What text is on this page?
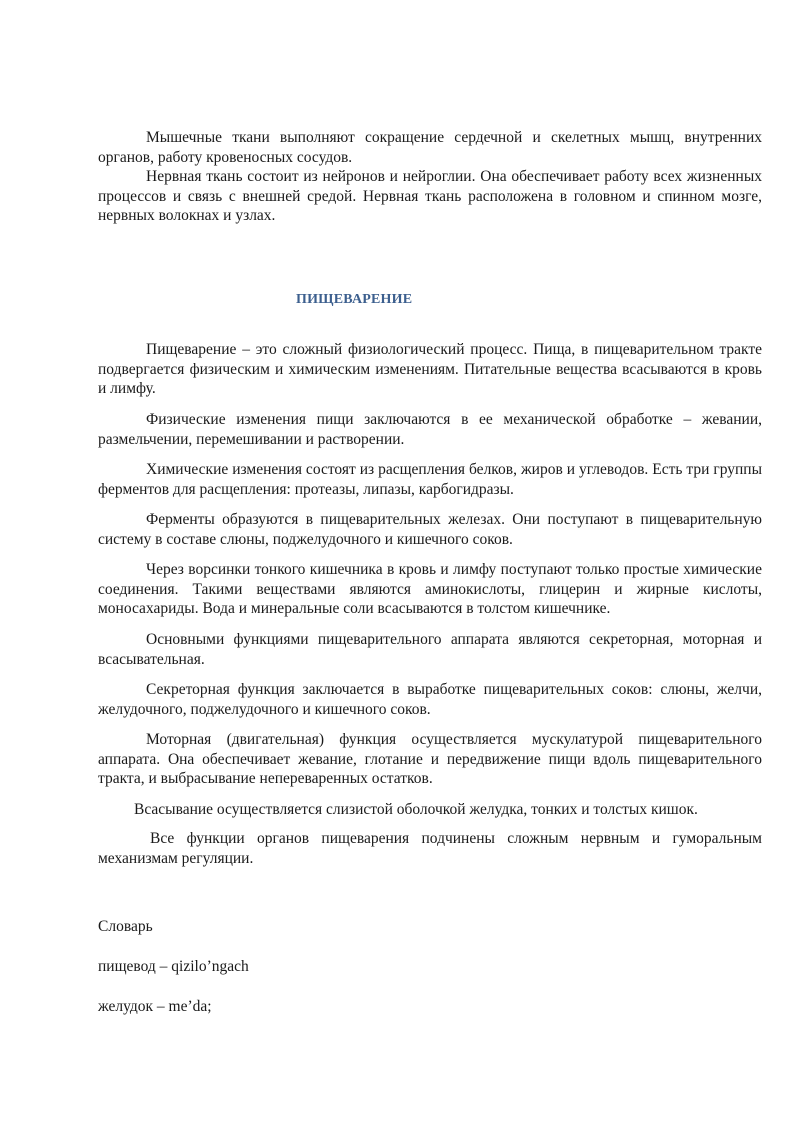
Мышечные ткани выполняют сокращение сердечной и скелетных мышц, внутренних органов, работу кровеносных сосудов.

Нервная ткань состоит из нейронов и нейроглии. Она обеспечивает работу всех жизненных процессов и связь с внешней средой. Нервная ткань расположена в головном и спинном мозге, нервных волокнах и узлах.

ПИЩЕВАРЕНИЕ

Пищеварение – это сложный физиологический процесс. Пища, в пищеварительном тракте подвергается физическим и химическим изменениям. Питательные вещества всасываются в кровь и лимфу.

Физические изменения пищи заключаются в ее механической обработке – жевании, размельчении, перемешивании и растворении.

Химические изменения состоят из расщепления белков, жиров и углеводов. Есть три группы ферментов для расщепления: протеазы, липазы, карбогидразы.

Ферменты образуются в пищеварительных железах. Они поступают в пищеварительную систему в составе слюны, поджелудочного и кишечного соков.

Через ворсинки тонкого кишечника в кровь и лимфу поступают только простые химические соединения. Такими веществами являются аминокислоты, глицерин и жирные кислоты, моносахариды. Вода и минеральные соли всасываются в толстом кишечнике.

Основными функциями пищеварительного аппарата являются секреторная, моторная и всасывательная.

Секреторная функция заключается в выработке пищеварительных соков: слюны, желчи, желудочного, поджелудочного и кишечного соков.

Моторная (двигательная) функция осуществляется мускулатурой пищеварительного аппарата. Она обеспечивает жевание, глотание и передвижение пищи вдоль пищеварительного тракта, и выбрасывание непереваренных остатков.

Всасывание осуществляется слизистой оболочкой желудка, тонких и толстых кишок.

Все функции органов пищеварения подчинены сложным нервным и гуморальным механизмам регуляции.

Словарь

пищевод – qizilo’ngach

желудок – me’da;
